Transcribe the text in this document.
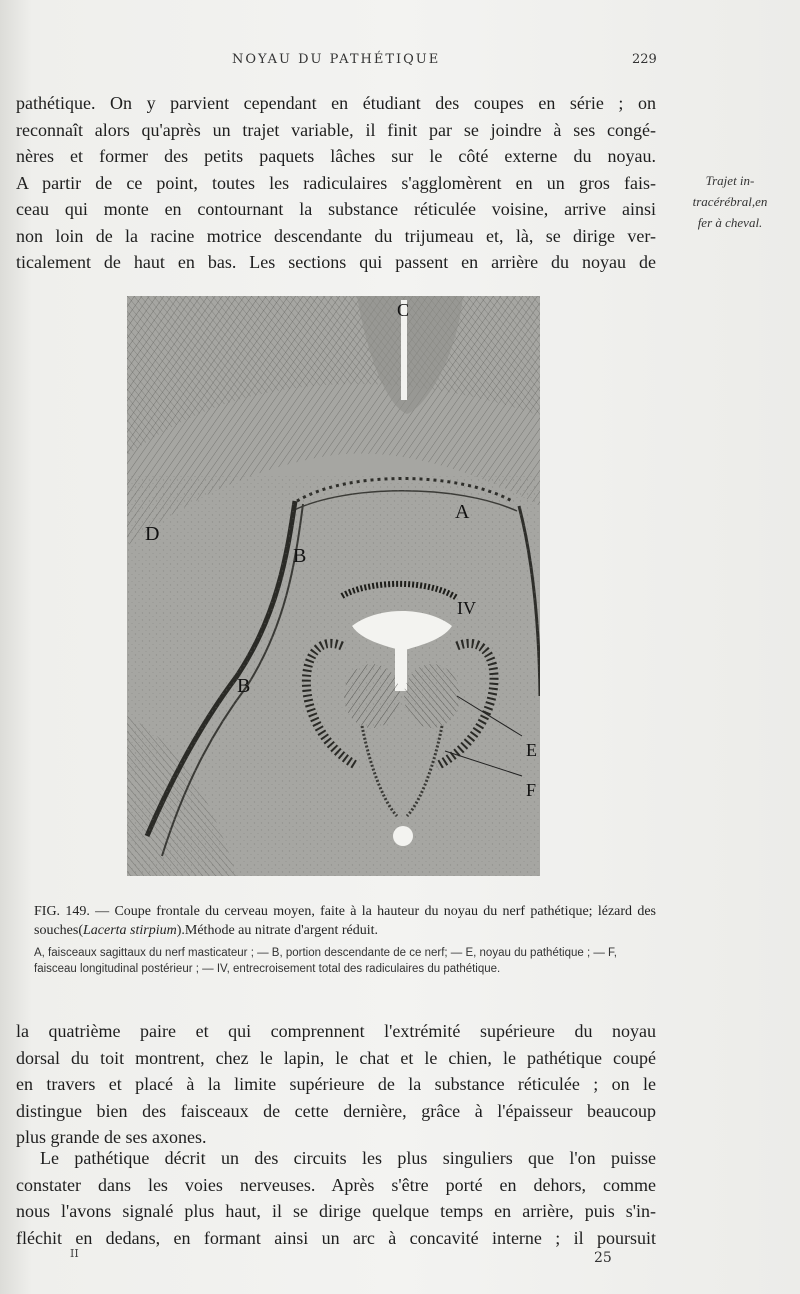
NOYAU DU PATHÉTIQUE	229

pathétique. On y parvient cependant en étudiant des coupes en série ; on
reconnaît alors qu'après un trajet variable, il finit par se joindre à ses congé-
nères et former des petits paquets lâches sur le côté externe du noyau.
A partir de ce point, toutes les radiculaires s'agglomèrent en un gros fais-
ceau qui monte en contournant la substance réticulée voisine, arrive ainsi
non loin de la racine motrice descendante du trijumeau et, là, se dirige ver-
ticalement de haut en bas. Les sections qui passent en arrière du noyau de

Trajet in-
tracérébral,en
fer à cheval.
C
A
D
B
IV
B
E
F

FIG. 149. — Coupe frontale du cerveau moyen, faite à la hauteur du noyau du nerf pathétique; lézard des souches(Lacerta stirpium).Méthode au nitrate d'argent réduit.

A, faisceaux sagittaux du nerf masticateur ; — B, portion descendante de ce nerf; — E, noyau du pathétique ; — F, faisceau longitudinal postérieur ; — IV, entrecroisement total des radiculaires du pathétique.

la quatrième paire et qui comprennent l'extrémité supérieure du noyau
dorsal du toit montrent, chez le lapin, le chat et le chien, le pathétique coupé
en travers et placé à la limite supérieure de la substance réticulée ; on le
distingue bien des faisceaux de cette dernière, grâce à l'épaisseur beaucoup
plus grande de ses axones.

Le pathétique décrit un des circuits les plus singuliers que l'on puisse
constater dans les voies nerveuses. Après s'être porté en dehors, comme
nous l'avons signalé plus haut, il se dirige quelque temps en arrière, puis s'in-
fléchit en dedans, en formant ainsi un arc à concavité interne ; il poursuit

II	25
